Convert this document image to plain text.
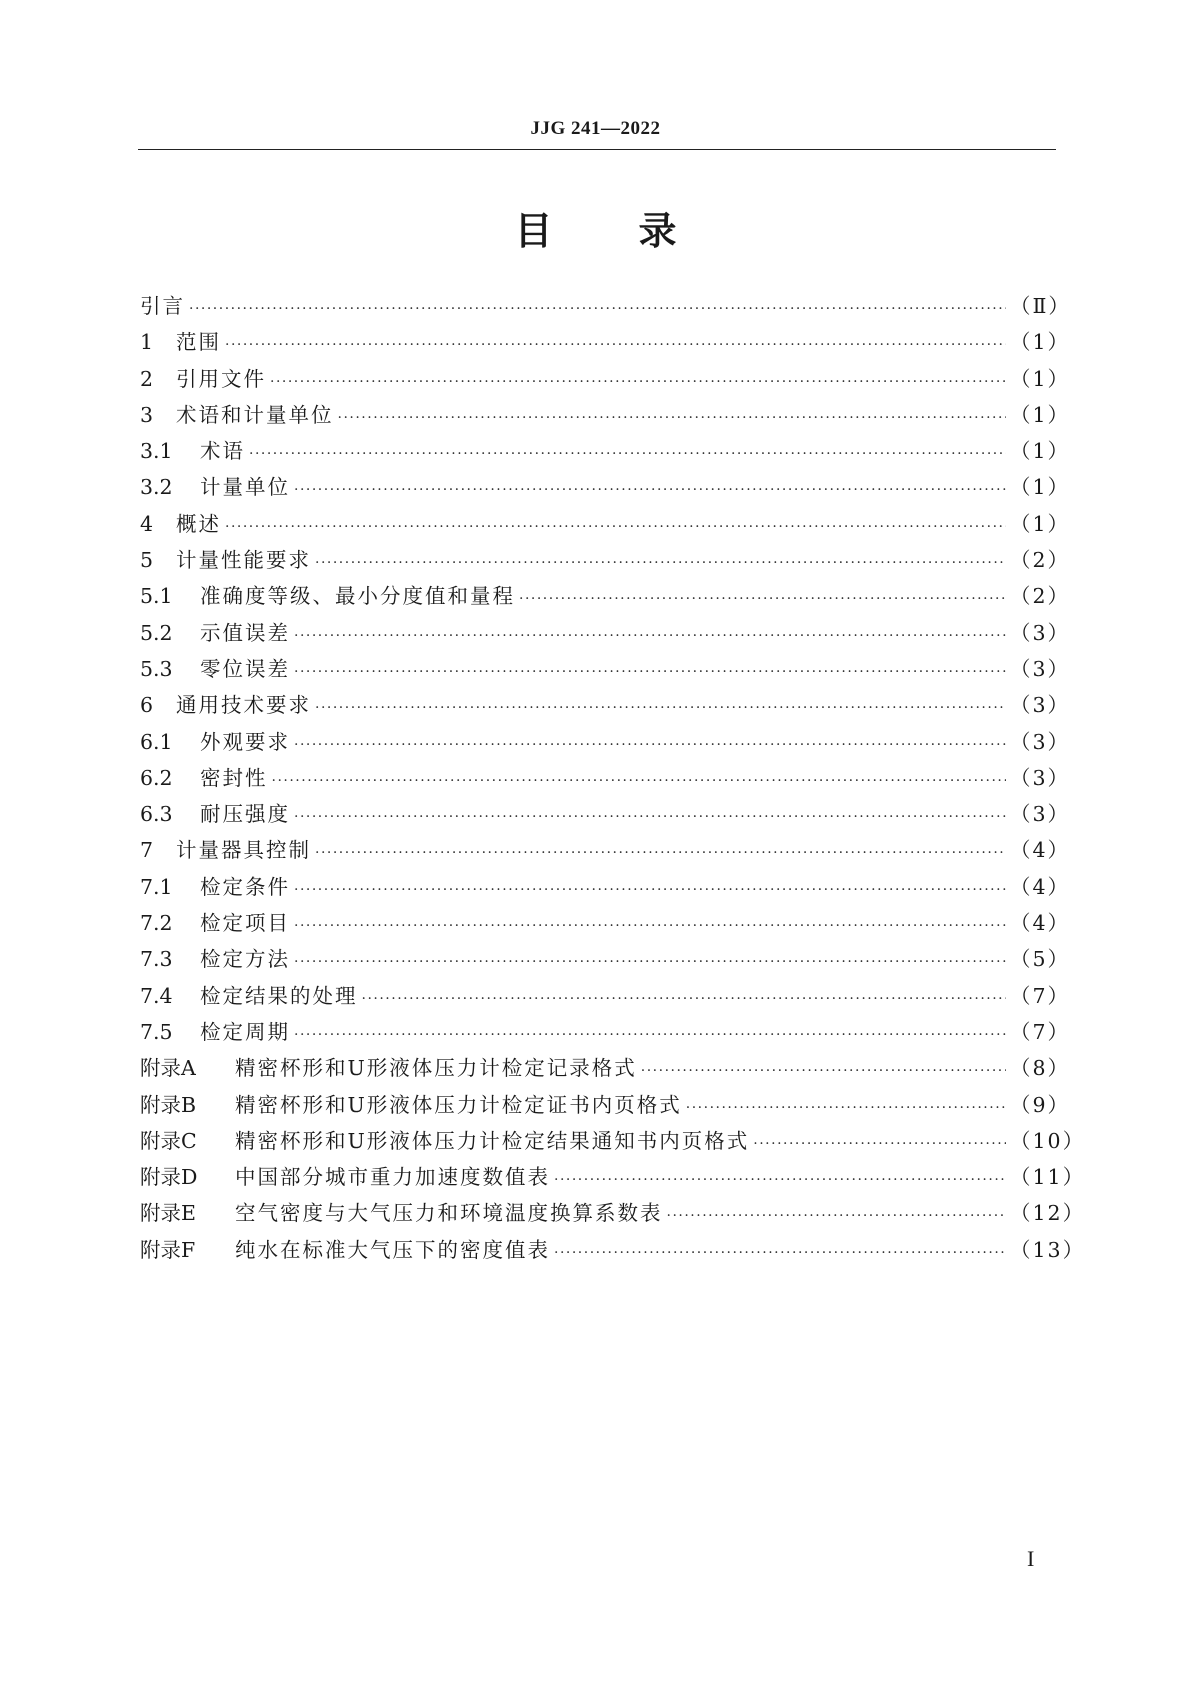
JJG 241—2022
目 录
引言 ·····	（Ⅱ）
1	范围 ·····	（1）
2	引用文件 ·····	（1）
3	术语和计量单位 ·····	（1）
3.1	术语 ·····	（1）
3.2	计量单位 ·····	（1）
4	概述 ·····	（1）
5	计量性能要求 ·····	（2）
5.1	准确度等级、最小分度值和量程 ·····	（2）
5.2	示值误差 ·····	（3）
5.3	零位误差 ·····	（3）
6	通用技术要求 ·····	（3）
6.1	外观要求 ·····	（3）
6.2	密封性 ·····	（3）
6.3	耐压强度 ·····	（3）
7	计量器具控制 ·····	（4）
7.1	检定条件 ·····	（4）
7.2	检定项目 ·····	（4）
7.3	检定方法 ·····	（5）
7.4	检定结果的处理 ·····	（7）
7.5	检定周期 ·····	（7）
附录A	精密杯形和U形液体压力计检定记录格式 ·····	（8）
附录B	精密杯形和U形液体压力计检定证书内页格式 ·····	（9）
附录C	精密杯形和U形液体压力计检定结果通知书内页格式 ·····	（10）
附录D	中国部分城市重力加速度数值表 ·····	（11）
附录E	空气密度与大气压力和环境温度换算系数表 ·····	（12）
附录F	纯水在标准大气压下的密度值表 ·····	（13）
I
